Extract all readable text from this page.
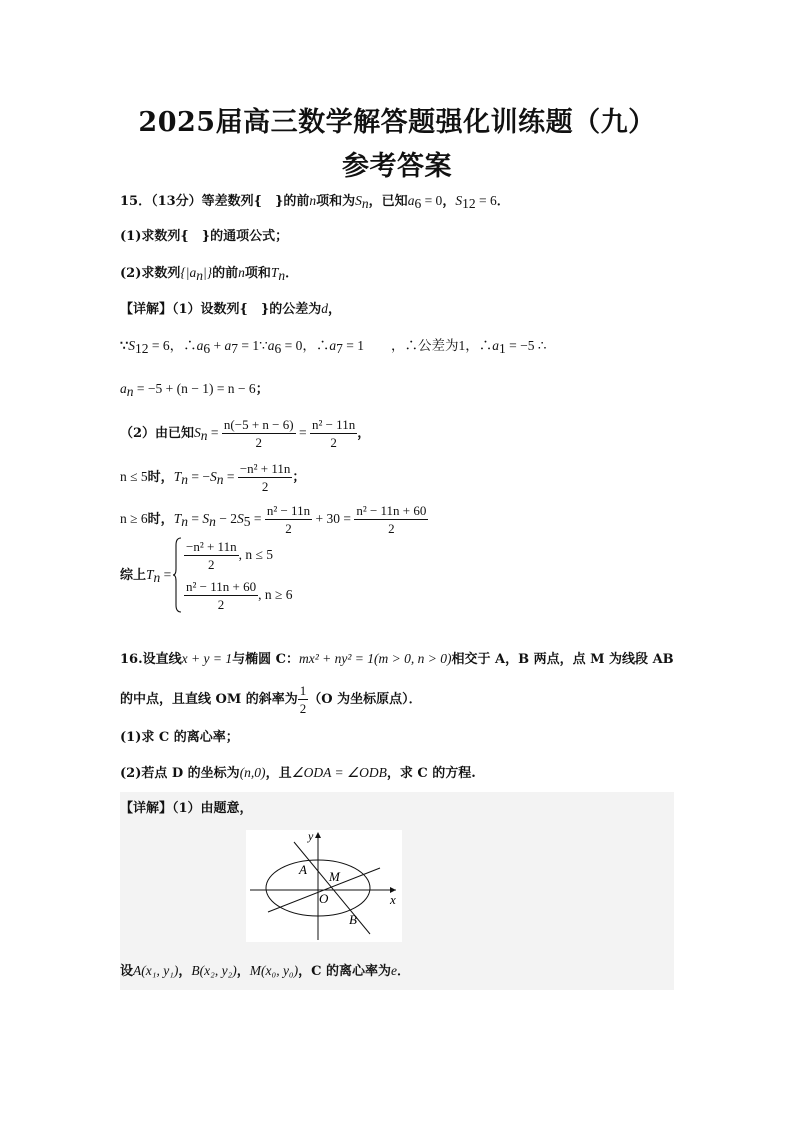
2025届高三数学解答题强化训练题（九）
参考答案
15．（13分）等差数列{　}的前n项和为$S_n$，已知$a_6 = 0$，$S_{12} = 6$．
(1)求数列{　}的通项公式；
(2)求数列$\{|a_n|\}$的前n项和$T_n$．
【详解】（1）设数列{　}的公差为d，
$\because S_{12} = 6$，$\therefore a_6 + a_7$ = $1\because a_6 = 0$，$\therefore a_7 = 1$　　，∴公差为1，$\therefore a_1 = -5$ ∴
$a_n = -5 + (n - 1) = n - 6$；
（2）由已知$S_n = \frac{n(-5 + n - 6)}{2} = \frac{\text{n² − 11n}}{2}$ ，
n ≤ 5时，$T_n = -S_n = \frac{\text{−n² + 11n}}{2}$ ；
n ≥ 6时，$T_n = S_n - 2S_5 = \frac{\text{n² − 11n}}{2} + 30 = \frac{\text{n² − 11n + 60}}{2}$
综上$T_n$ =
$\frac{\text{−n² + 11n}}{2}$ , n ≤ 5
$\frac{\text{n² − 11n + 60}}{2}$ , n ≥ 6
16.设直线x + y = 1与椭圆 C：mx² + ny² = 1(m > 0, n > 0)相交于 A，B 两点，点 M 为线段 AB
的中点，且直线 OM 的斜率为 $\frac{1}{2} (O$ 为坐标原点）．
(1)求 C 的离心率；
(2)若点 D 的坐标为(n,0)，且∠ODA = ∠ODB，求 C 的方程.
【详解】（1）由题意，
y
x
A M
O
B
设A(x₁, y₁)，B(x₂, y₂)，M(x₀, y₀)，C 的离心率为e．
